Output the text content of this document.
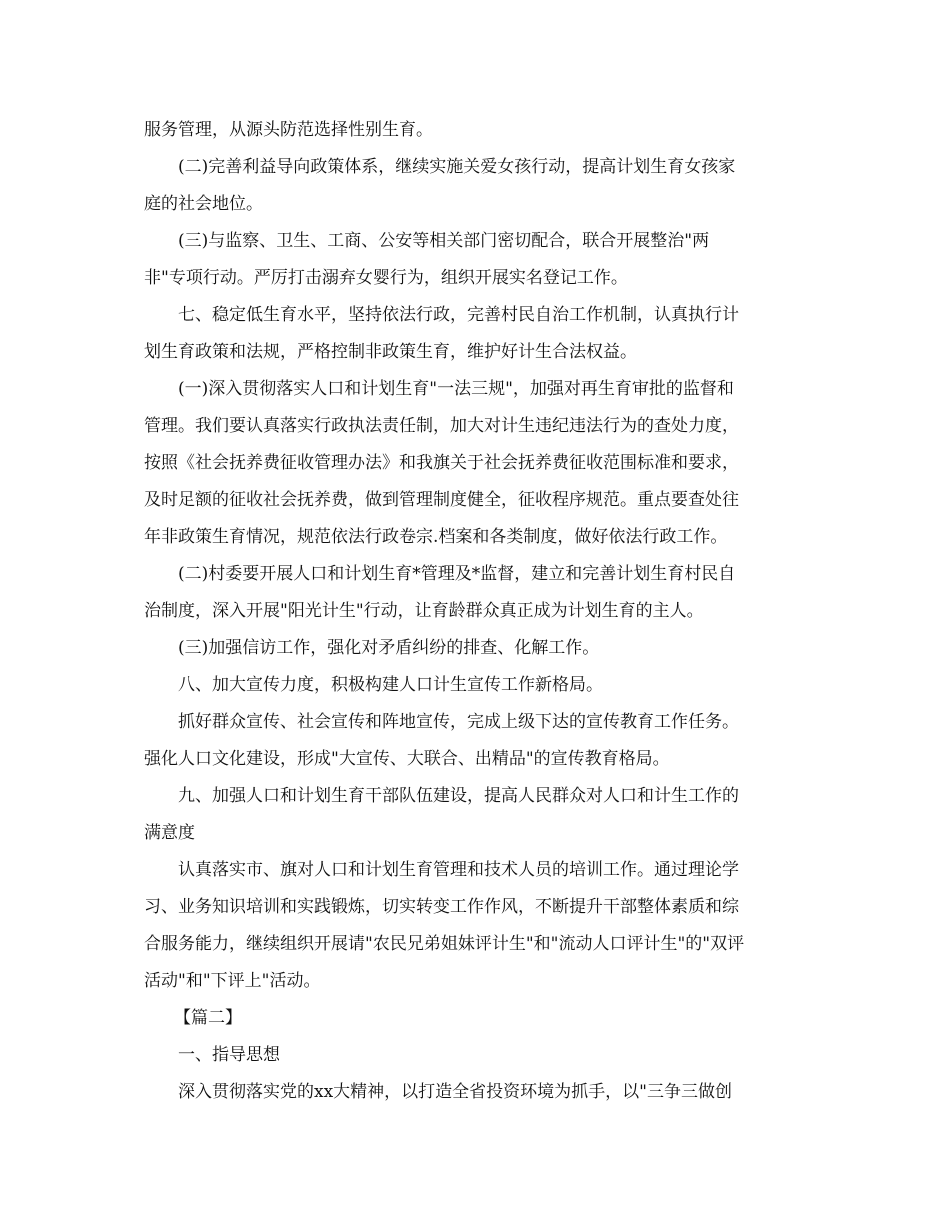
服务管理，从源头防范选择性别生育。
(二)完善利益导向政策体系，继续实施关爱女孩行动，提高计划生育女孩家
庭的社会地位。
(三)与监察、卫生、工商、公安等相关部门密切配合，联合开展整治"两
非"专项行动。严厉打击溺弃女婴行为，组织开展实名登记工作。
七、稳定低生育水平，坚持依法行政，完善村民自治工作机制，认真执行计
划生育政策和法规，严格控制非政策生育，维护好计生合法权益。
(一)深入贯彻落实人口和计划生育"一法三规"，加强对再生育审批的监督和
管理。我们要认真落实行政执法责任制，加大对计生违纪违法行为的查处力度，
按照《社会抚养费征收管理办法》和我旗关于社会抚养费征收范围标准和要求，
及时足额的征收社会抚养费，做到管理制度健全，征收程序规范。重点要查处往
年非政策生育情况，规范依法行政卷宗.档案和各类制度，做好依法行政工作。
(二)村委要开展人口和计划生育*管理及*监督，建立和完善计划生育村民自
治制度，深入开展"阳光计生"行动，让育龄群众真正成为计划生育的主人。
(三)加强信访工作，强化对矛盾纠纷的排查、化解工作。
八、加大宣传力度，积极构建人口计生宣传工作新格局。
抓好群众宣传、社会宣传和阵地宣传，完成上级下达的宣传教育工作任务。
强化人口文化建设，形成"大宣传、大联合、出精品"的宣传教育格局。
九、加强人口和计划生育干部队伍建设，提高人民群众对人口和计生工作的
满意度
认真落实市、旗对人口和计划生育管理和技术人员的培训工作。通过理论学
习、业务知识培训和实践锻炼，切实转变工作作风，不断提升干部整体素质和综
合服务能力，继续组织开展请"农民兄弟姐妹评计生"和"流动人口评计生"的"双评
活动"和"下评上"活动。
【篇二】
一、指导思想
深入贯彻落实党的xx大精神，以打造全省投资环境为抓手，以"三争三做创
